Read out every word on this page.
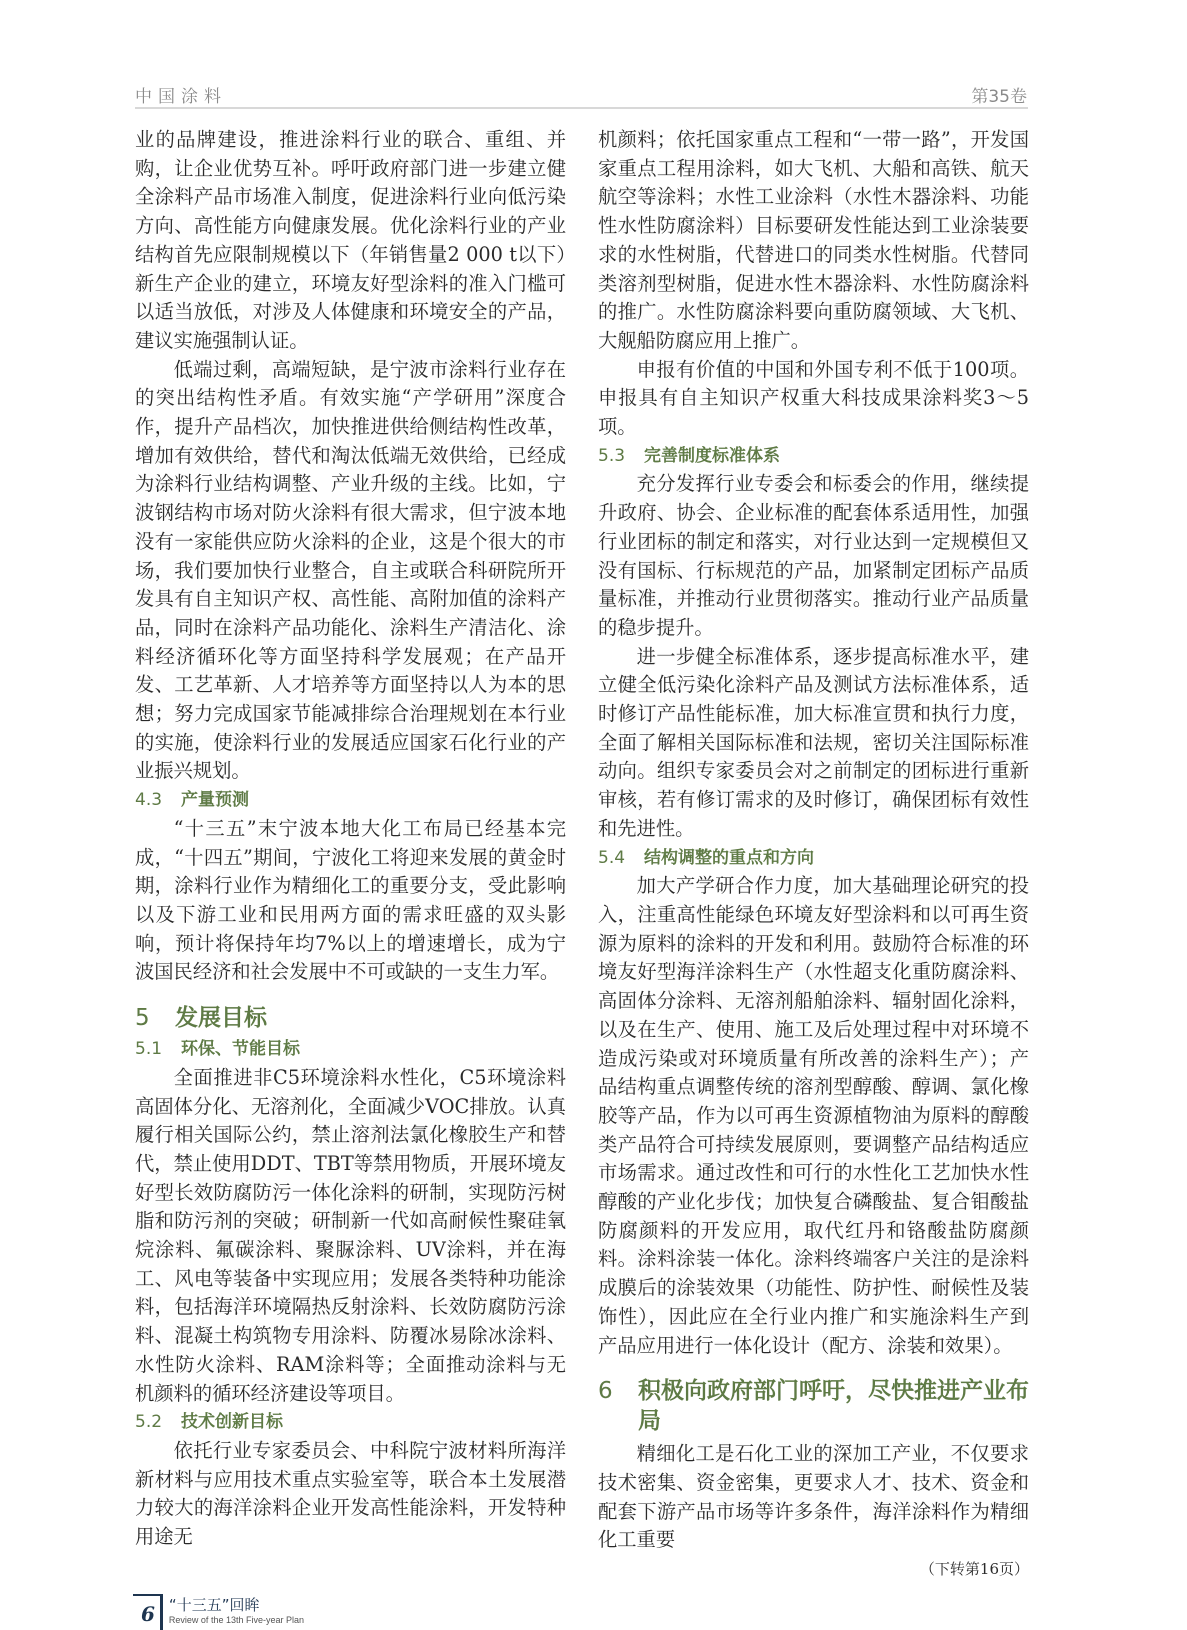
中国涂料	第35卷

业的品牌建设，推进涂料行业的联合、重组、并购，让企业优势互补。呼吁政府部门进一步建立健全涂料产品市场准入制度，促进涂料行业向低污染方向、高性能方向健康发展。优化涂料行业的产业结构首先应限制规模以下（年销售量2 000 t以下）新生产企业的建立，环境友好型涂料的准入门槛可以适当放低，对涉及人体健康和环境安全的产品，建议实施强制认证。

低端过剩，高端短缺，是宁波市涂料行业存在的突出结构性矛盾。有效实施“产学研用”深度合作，提升产品档次，加快推进供给侧结构性改革，增加有效供给，替代和淘汰低端无效供给，已经成为涂料行业结构调整、产业升级的主线。比如，宁波钢结构市场对防火涂料有很大需求，但宁波本地没有一家能供应防火涂料的企业，这是个很大的市场，我们要加快行业整合，自主或联合科研院所开发具有自主知识产权、高性能、高附加值的涂料产品，同时在涂料产品功能化、涂料生产清洁化、涂料经济循环化等方面坚持科学发展观；在产品开发、工艺革新、人才培养等方面坚持以人为本的思想；努力完成国家节能减排综合治理规划在本行业的实施，使涂料行业的发展适应国家石化行业的产业振兴规划。

4.3 产量预测

“十三五”末宁波本地大化工布局已经基本完成，“十四五”期间，宁波化工将迎来发展的黄金时期，涂料行业作为精细化工的重要分支，受此影响以及下游工业和民用两方面的需求旺盛的双头影响，预计将保持年均7%以上的增速增长，成为宁波国民经济和社会发展中不可或缺的一支生力军。

5	发展目标
5.1 环保、节能目标

全面推进非C5环境涂料水性化，C5环境涂料高固体分化、无溶剂化，全面减少VOC排放。认真履行相关国际公约，禁止溶剂法氯化橡胶生产和替代，禁止使用DDT、TBT等禁用物质，开展环境友好型长效防腐防污一体化涂料的研制，实现防污树脂和防污剂的突破；研制新一代如高耐候性聚硅氧烷涂料、氟碳涂料、聚脲涂料、UV涂料，并在海工、风电等装备中实现应用；发展各类特种功能涂料，包括海洋环境隔热反射涂料、长效防腐防污涂料、混凝土构筑物专用涂料、防覆冰易除冰涂料、水性防火涂料、RAM涂料等；全面推动涂料与无机颜料的循环经济建设等项目。

5.2 技术创新目标

依托行业专家委员会、中科院宁波材料所海洋新材料与应用技术重点实验室等，联合本土发展潜力较大的海洋涂料企业开发高性能涂料，开发特种用途无

机颜料；依托国家重点工程和“一带一路”，开发国家重点工程用涂料，如大飞机、大船和高铁、航天航空等涂料；水性工业涂料（水性木器涂料、功能性水性防腐涂料）目标要研发性能达到工业涂装要求的水性树脂，代替进口的同类水性树脂。代替同类溶剂型树脂，促进水性木器涂料、水性防腐涂料的推广。水性防腐涂料要向重防腐领域、大飞机、大舰船防腐应用上推广。

申报有价值的中国和外国专利不低于100项。申报具有自主知识产权重大科技成果涂料奖3～5项。

5.3 完善制度标准体系

充分发挥行业专委会和标委会的作用，继续提升政府、协会、企业标准的配套体系适用性，加强行业团标的制定和落实，对行业达到一定规模但又没有国标、行标规范的产品，加紧制定团标产品质量标准，并推动行业贯彻落实。推动行业产品质量的稳步提升。

进一步健全标准体系，逐步提高标准水平，建立健全低污染化涂料产品及测试方法标准体系，适时修订产品性能标准，加大标准宣贯和执行力度，全面了解相关国际标准和法规，密切关注国际标准动向。组织专家委员会对之前制定的团标进行重新审核，若有修订需求的及时修订，确保团标有效性和先进性。

5.4 结构调整的重点和方向

加大产学研合作力度，加大基础理论研究的投入，注重高性能绿色环境友好型涂料和以可再生资源为原料的涂料的开发和利用。鼓励符合标准的环境友好型海洋涂料生产（水性超支化重防腐涂料、高固体分涂料、无溶剂船舶涂料、辐射固化涂料，以及在生产、使用、施工及后处理过程中对环境不造成污染或对环境质量有所改善的涂料生产）；产品结构重点调整传统的溶剂型醇酸、醇调、氯化橡胶等产品，作为以可再生资源植物油为原料的醇酸类产品符合可持续发展原则，要调整产品结构适应市场需求。通过改性和可行的水性化工艺加快水性醇酸的产业化步伐；加快复合磷酸盐、复合钼酸盐防腐颜料的开发应用，取代红丹和铬酸盐防腐颜料。涂料涂装一体化。涂料终端客户关注的是涂料成膜后的涂装效果（功能性、防护性、耐候性及装饰性），因此应在全行业内推广和实施涂料生产到产品应用进行一体化设计（配方、涂装和效果）。

6	积极向政府部门呼吁，尽快推进产业布局

精细化工是石化工业的深加工产业，不仅要求技术密集、资金密集，更要求人才、技术、资金和配套下游产品市场等许多条件，海洋涂料作为精细化工重要

（下转第16页）

6 “十三五”回眸
Review of the 13th Five-year Plan
